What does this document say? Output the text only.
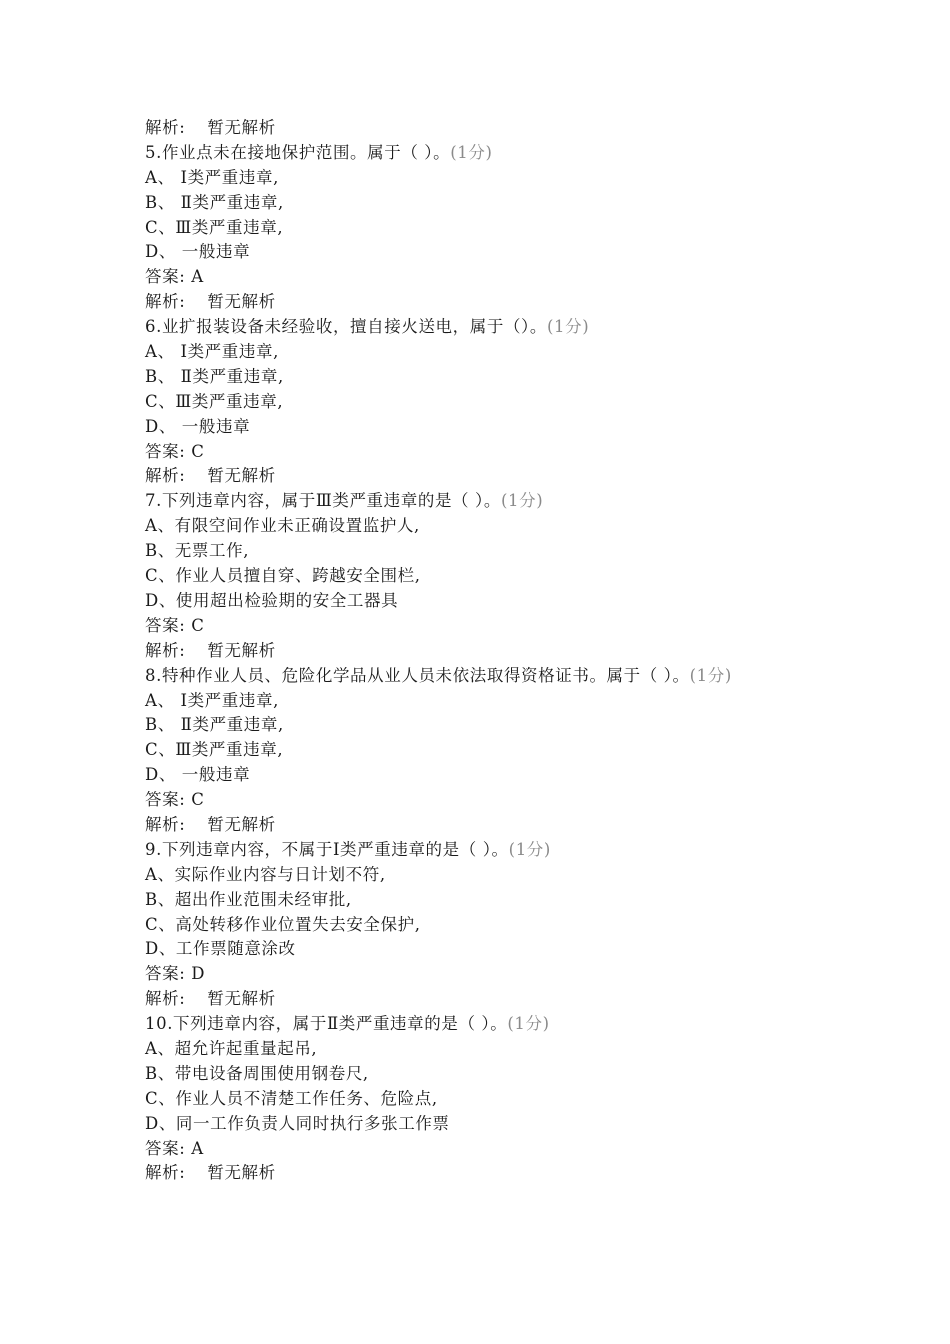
解析: 暂无解析
5.作业点未在接地保护范围。属于（ ）。(1分)
A、 Ⅰ类严重违章,
B、 Ⅱ类严重违章,
C、Ⅲ类严重违章,
D、 一般违章
答案: A
解析: 暂无解析
6.业扩报装设备未经验收，擅自接火送电，属于（）。(1分)
A、 Ⅰ类严重违章,
B、 Ⅱ类严重违章,
C、Ⅲ类严重违章,
D、 一般违章
答案: C
解析: 暂无解析
7.下列违章内容，属于Ⅲ类严重违章的是（ ）。(1分)
A、有限空间作业未正确设置监护人,
B、无票工作,
C、作业人员擅自穿、跨越安全围栏,
D、使用超出检验期的安全工器具
答案: C
解析: 暂无解析
8.特种作业人员、危险化学品从业人员未依法取得资格证书。属于（ ）。(1分)
A、 Ⅰ类严重违章,
B、 Ⅱ类严重违章,
C、Ⅲ类严重违章,
D、 一般违章
答案: C
解析: 暂无解析
9.下列违章内容，不属于Ⅰ类严重违章的是（ ）。(1分)
A、实际作业内容与日计划不符,
B、超出作业范围未经审批,
C、高处转移作业位置失去安全保护,
D、工作票随意涂改
答案: D
解析: 暂无解析
10.下列违章内容，属于Ⅱ类严重违章的是（ ）。(1分)
A、超允许起重量起吊,
B、带电设备周围使用钢卷尺,
C、作业人员不清楚工作任务、危险点,
D、同一工作负责人同时执行多张工作票
答案: A
解析: 暂无解析
